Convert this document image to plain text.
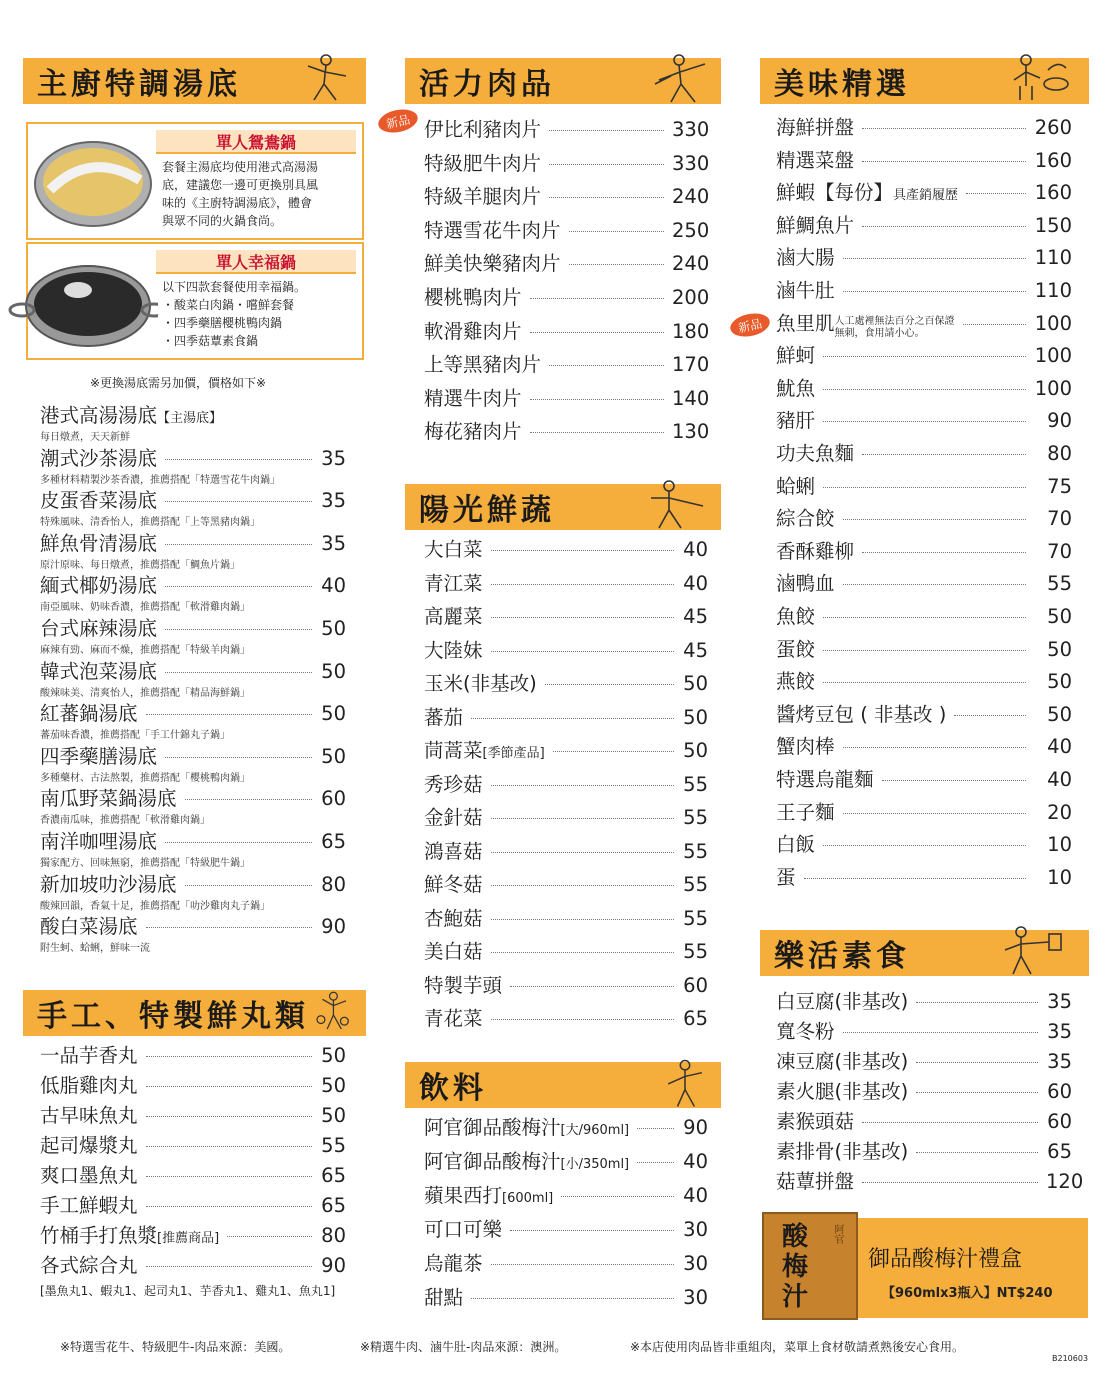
主廚特調湯底	活力肉品	美味精選
陽光鮮蔬
手工、特製鮮丸類
飲料
樂活素食
單人鴛鴦鍋
套餐主湯底均使用港式高湯湯
底，建議您一邊可更換別具風
味的《主廚特調湯底》，體會
與眾不同的火鍋食尚。
單人幸福鍋
以下四款套餐使用幸福鍋。
・酸菜白肉鍋・嚐鮮套餐
・四季藥膳櫻桃鴨肉鍋
・四季菇蕈素食鍋
※更換湯底需另加價，價格如下※
[墨魚丸1、蝦丸1、起司丸1、芋香丸1、雞丸1、魚丸1]
新品
新品
酸梅汁
阿官
御品酸梅汁禮盒
【960mlx3瓶入】NT$240
※特選雪花牛、特級肥牛-肉品來源：美國。	※精選牛肉、滷牛肚-肉品來源：澳洲。	※本店使用肉品皆非重組肉，菜單上食材敬請煮熟後安心食用。
B210603
港式高湯湯底 【主湯底】
每日燉煮，天天新鮮
潮式沙茶湯底	35
多種材料精製沙茶香濃，推薦搭配「特選雪花牛肉鍋」
皮蛋香菜湯底	35
特殊風味、清香怡人，推薦搭配「上等黑豬肉鍋」
鮮魚骨清湯底	35
原汁原味、每日燉煮，推薦搭配「鯛魚片鍋」
緬式椰奶湯底	40
南亞風味、奶味香濃，推薦搭配「軟滑雞肉鍋」
台式麻辣湯底	50
麻辣有勁、麻而不燥，推薦搭配「特級羊肉鍋」
韓式泡菜湯底	50
酸辣味美、清爽怡人，推薦搭配「精品海鮮鍋」
紅蕃鍋湯底	50
蕃茄味香濃，推薦搭配「手工什錦丸子鍋」
四季藥膳湯底	50
多種藥材、古法熬製，推薦搭配「櫻桃鴨肉鍋」
南瓜野菜鍋湯底	60
香濃南瓜味，推薦搭配「軟滑雞肉鍋」
南洋咖哩湯底	65
獨家配方、回味無窮，推薦搭配「特級肥牛鍋」
新加坡叻沙湯底	80
酸辣回韻，香氣十足，推薦搭配「叻沙雞肉丸子鍋」
酸白菜湯底	90
附生蚵、蛤蜊，鮮味一流
一品芋香丸	50
低脂雞肉丸	50
古早味魚丸	50
起司爆漿丸	55
爽口墨魚丸	65
手工鮮蝦丸	65
竹桶手打魚漿 [推薦商品]	80
各式綜合丸	90
伊比利豬肉片	330
特級肥牛肉片	330
特級羊腿肉片	240
特選雪花牛肉片	250
鮮美快樂豬肉片	240
櫻桃鴨肉片	200
軟滑雞肉片	180
上等黑豬肉片	170
精選牛肉片	140
梅花豬肉片	130
大白菜	40
青江菜	40
高麗菜	45
大陸妹	45
玉米(非基改)	50
蕃茄	50
茼蒿菜 [季節產品]	50
秀珍菇	55
金針菇	55
鴻喜菇	55
鮮冬菇	55
杏鮑菇	55
美白菇	55
特製芋頭	60
青花菜	65
阿官御品酸梅汁 [大/960ml]	90
阿官御品酸梅汁 [小/350ml]	40
蘋果西打 [600ml]	40
可口可樂	30
烏龍茶	30
甜點	30
海鮮拼盤	260
精選菜盤	160
鮮蝦【每份】 具產銷履歷	160
鮮鯛魚片	150
滷大腸	110
滷牛肚	110
魚里肌 人工處裡無法百分之百保證
無刺，食用請小心。	100
鮮蚵	100
魷魚	100
豬肝	90
功夫魚麵	80
蛤蜊	75
綜合餃	70
香酥雞柳	70
滷鴨血	55
魚餃	50
蛋餃	50
燕餃	50
醬烤豆包 ( 非基改 )	50
蟹肉棒	40
特選烏龍麵	40
王子麵	20
白飯	10
蛋	10
白豆腐(非基改)	35
寬冬粉	35
凍豆腐(非基改)	35
素火腿(非基改)	60
素猴頭菇	60
素排骨(非基改)	65
菇蕈拼盤	120
